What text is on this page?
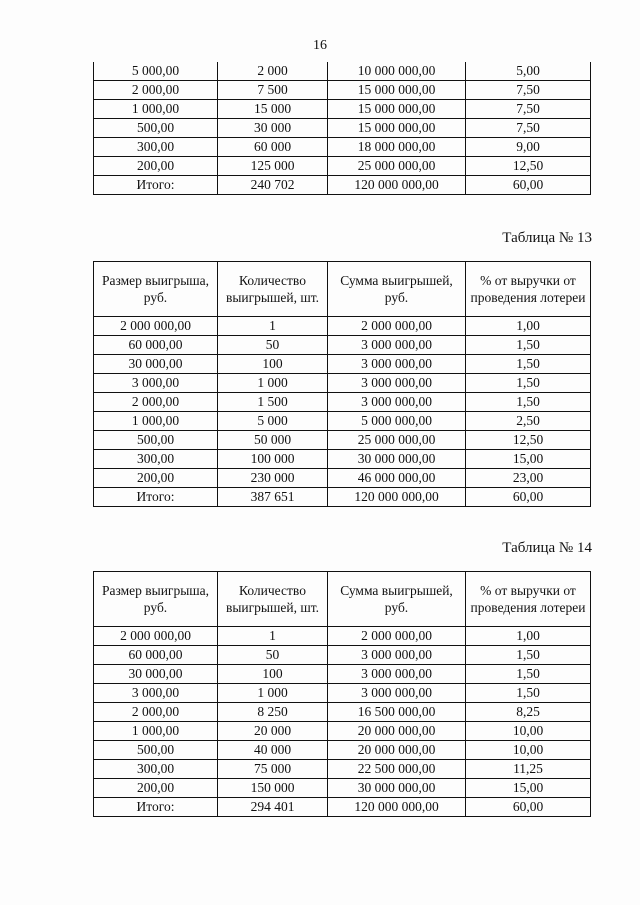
16
5 000,00	2 000	10 000 000,00	5,00
2 000,00	7 500	15 000 000,00	7,50
1 000,00	15 000	15 000 000,00	7,50
500,00	30 000	15 000 000,00	7,50
300,00	60 000	18 000 000,00	9,00
200,00	125 000	25 000 000,00	12,50
Итого:	240 702	120 000 000,00	60,00
Таблица № 13
Размер выигрыша, руб.	Количество выигрышей, шт.	Сумма выигрышей, руб.	% от выручки от проведения лотереи
2 000 000,00	1	2 000 000,00	1,00
60 000,00	50	3 000 000,00	1,50
30 000,00	100	3 000 000,00	1,50
3 000,00	1 000	3 000 000,00	1,50
2 000,00	1 500	3 000 000,00	1,50
1 000,00	5 000	5 000 000,00	2,50
500,00	50 000	25 000 000,00	12,50
300,00	100 000	30 000 000,00	15,00
200,00	230 000	46 000 000,00	23,00
Итого:	387 651	120 000 000,00	60,00
Таблица № 14
Размер выигрыша, руб.	Количество выигрышей, шт.	Сумма выигрышей, руб.	% от выручки от проведения лотереи
2 000 000,00	1	2 000 000,00	1,00
60 000,00	50	3 000 000,00	1,50
30 000,00	100	3 000 000,00	1,50
3 000,00	1 000	3 000 000,00	1,50
2 000,00	8 250	16 500 000,00	8,25
1 000,00	20 000	20 000 000,00	10,00
500,00	40 000	20 000 000,00	10,00
300,00	75 000	22 500 000,00	11,25
200,00	150 000	30 000 000,00	15,00
Итого:	294 401	120 000 000,00	60,00
